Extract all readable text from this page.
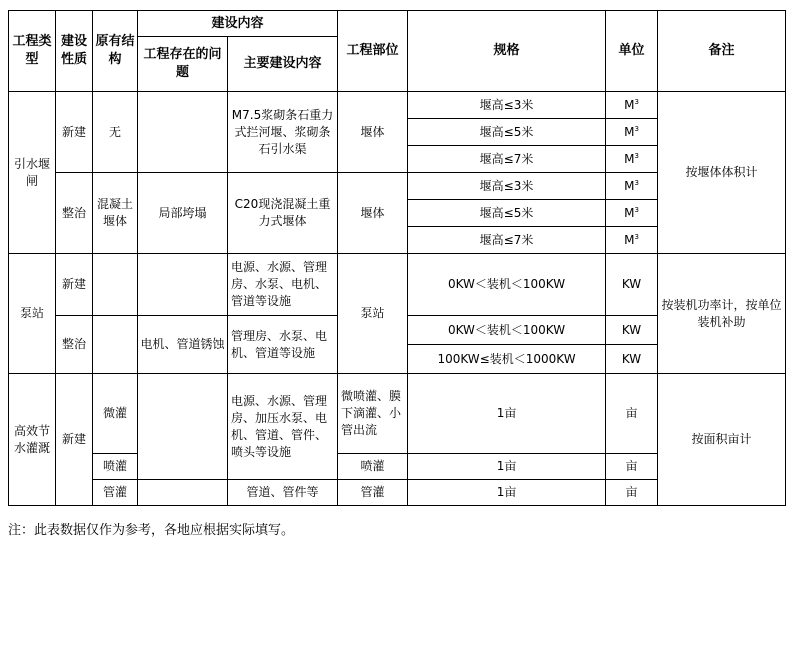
工程类型	建设性质	原有结构	建设内容		工程部位	规格	单位	备注
			工程存在的问题	主要建设内容				
引水堰闸	新建	无		M7.5浆砌条石重力式拦河堰、浆砌条石引水渠	堰体	堰高≤3米	$M^3$	按堰体体积计
						堰高≤5米	$M^3$
						堰高≤7米	$M^3$
	整治	混凝土堰体	局部垮塌	C20现浇混凝土重力式堰体	堰体	堰高≤3米	$M^3$
						堰高≤5米	$M^3$
						堰高≤7米	$M^3$
泵站	新建			电源、水源、管理房、水泵、电机、管道等设施	泵站	0KW＜装机＜100KW	KW	按装机功率计，按单位装机补助
	整治		电机、管道锈蚀	管理房、水泵、电机、管道等设施		0KW＜装机＜100KW	KW	
						100KW≤装机＜1000KW	KW	
高效节水灌溉	新建	微灌		电源、水源、管理房、加压水泵、电机、管道、管件、喷头等设施	微喷灌、膜下滴灌、小管出流	1亩	亩	按面积亩计
		喷灌			喷灌	1亩	亩	
		管灌		管道、管件等	管灌	1亩	亩	
注：此表数据仅作为参考，各地应根据实际填写。
